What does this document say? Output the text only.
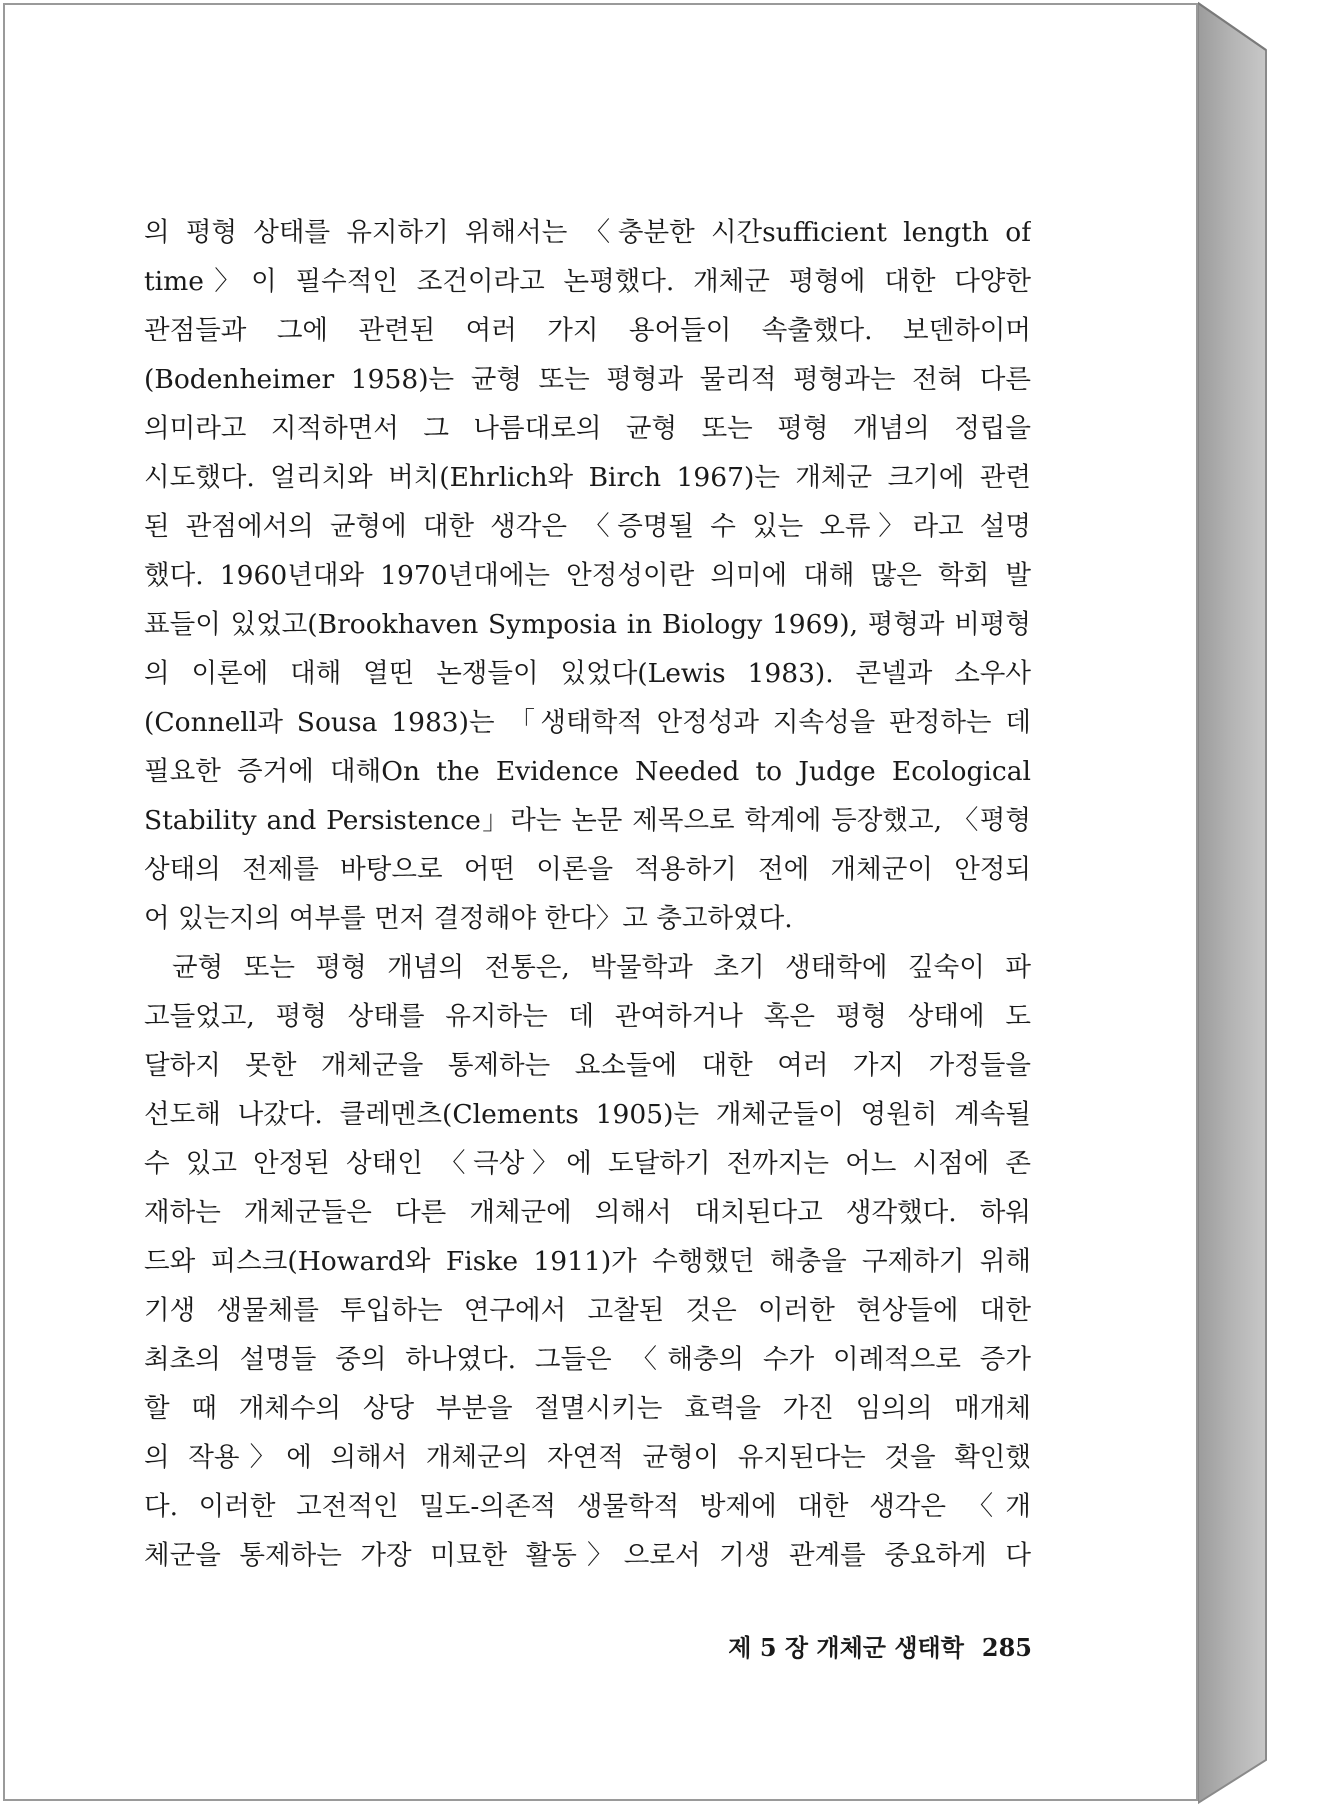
의 평형 상태를 유지하기 위해서는 〈충분한 시간sufficient length of
time〉이 필수적인 조건이라고 논평했다. 개체군 평형에 대한 다양한
관점들과 그에 관련된 여러 가지 용어들이 속출했다. 보덴하이머
(Bodenheimer 1958)는 균형 또는 평형과 물리적 평형과는 전혀 다른
의미라고 지적하면서 그 나름대로의 균형 또는 평형 개념의 정립을
시도했다. 얼리치와 버치(Ehrlich와 Birch 1967)는 개체군 크기에 관련
된 관점에서의 균형에 대한 생각은 〈증명될 수 있는 오류〉라고 설명
했다. 1960년대와 1970년대에는 안정성이란 의미에 대해 많은 학회 발
표들이 있었고(Brookhaven Symposia in Biology 1969), 평형과 비평형
의 이론에 대해 열띤 논쟁들이 있었다(Lewis 1983). 콘넬과 소우사
(Connell과 Sousa 1983)는 「생태학적 안정성과 지속성을 판정하는 데
필요한 증거에 대해On the Evidence Needed to Judge Ecological
Stability and Persistence」라는 논문 제목으로 학계에 등장했고, 〈평형
상태의 전제를 바탕으로 어떤 이론을 적용하기 전에 개체군이 안정되
어 있는지의 여부를 먼저 결정해야 한다〉고 충고하였다.
균형 또는 평형 개념의 전통은, 박물학과 초기 생태학에 깊숙이 파
고들었고, 평형 상태를 유지하는 데 관여하거나 혹은 평형 상태에 도
달하지 못한 개체군을 통제하는 요소들에 대한 여러 가지 가정들을
선도해 나갔다. 클레멘츠(Clements 1905)는 개체군들이 영원히 계속될
수 있고 안정된 상태인 〈극상〉에 도달하기 전까지는 어느 시점에 존
재하는 개체군들은 다른 개체군에 의해서 대치된다고 생각했다. 하워
드와 피스크(Howard와 Fiske 1911)가 수행했던 해충을 구제하기 위해
기생 생물체를 투입하는 연구에서 고찰된 것은 이러한 현상들에 대한
최초의 설명들 중의 하나였다. 그들은 〈해충의 수가 이례적으로 증가
할 때 개체수의 상당 부분을 절멸시키는 효력을 가진 임의의 매개체
의 작용〉에 의해서 개체군의 자연적 균형이 유지된다는 것을 확인했
다. 이러한 고전적인 밀도-의존적 생물학적 방제에 대한 생각은 〈개
체군을 통제하는 가장 미묘한 활동〉으로서 기생 관계를 중요하게 다
제 5 장 개체군 생태학 285
